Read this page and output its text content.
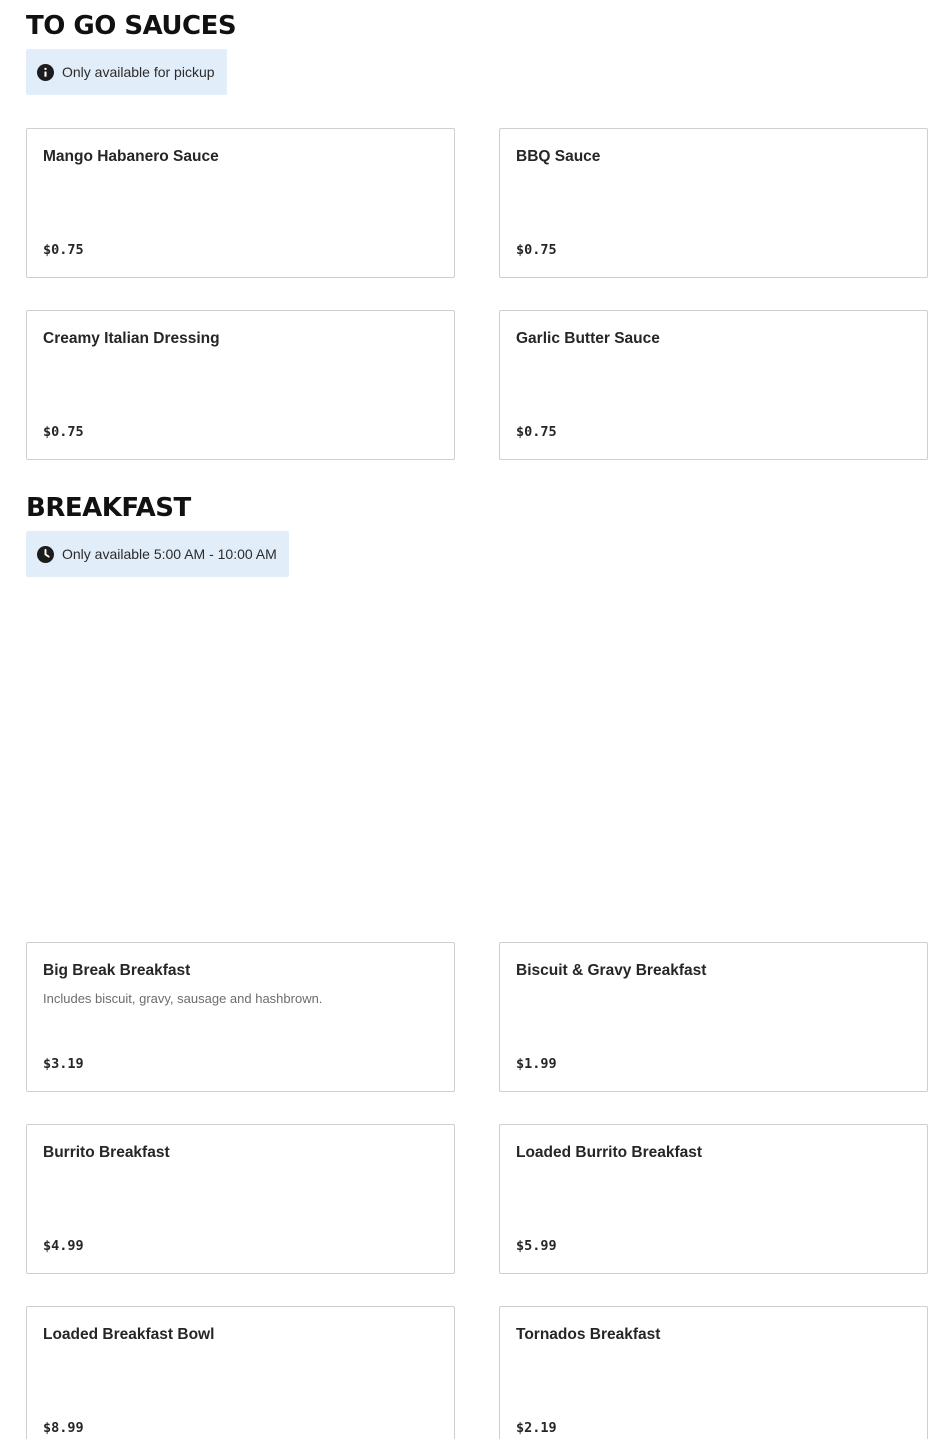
TO GO SAUCES
Only available for pickup
Mango Habanero Sauce
$0.75
BBQ Sauce
$0.75
Creamy Italian Dressing
$0.75
Garlic Butter Sauce
$0.75
BREAKFAST
Only available 5:00 AM - 10:00 AM
Big Break Breakfast
Includes biscuit, gravy, sausage and hashbrown.
$3.19
Biscuit & Gravy Breakfast
$1.99
Burrito Breakfast
$4.99
Loaded Burrito Breakfast
$5.99
Loaded Breakfast Bowl
$8.99
Tornados Breakfast
$2.19
